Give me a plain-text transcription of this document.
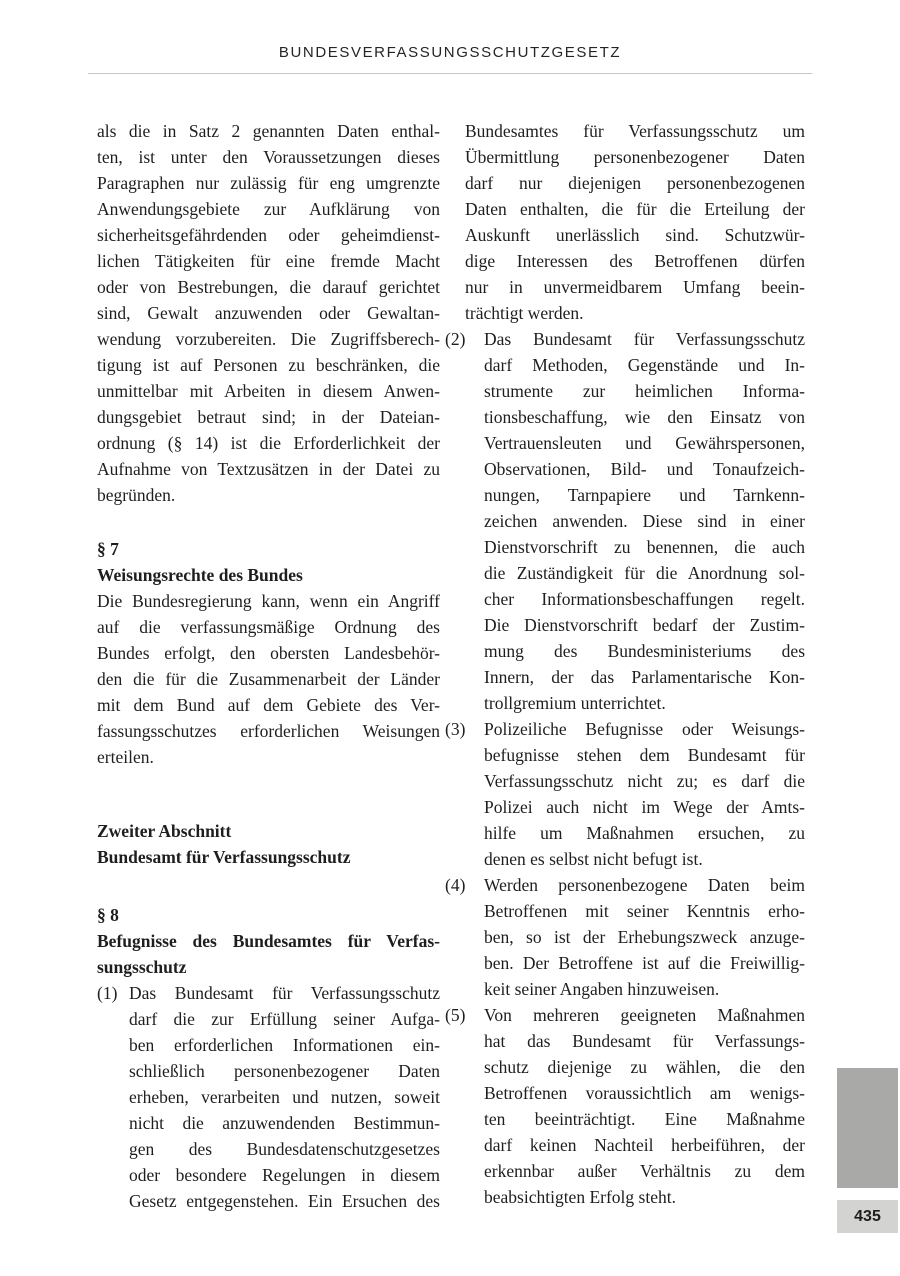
BUNDESVERFASSUNGSSCHUTZGESETZ
als die in Satz 2 genannten Daten enthal-
ten, ist unter den Voraussetzungen dieses
Paragraphen nur zulässig für eng umgrenzte
Anwendungsgebiete zur Aufklärung von
sicherheitsgefährdenden oder geheimdienst-
lichen Tätigkeiten für eine fremde Macht
oder von Bestrebungen, die darauf gerichtet
sind, Gewalt anzuwenden oder Gewaltan-
wendung vorzubereiten. Die Zugriffsberech-
tigung ist auf Personen zu beschränken, die
unmittelbar mit Arbeiten in diesem Anwen-
dungsgebiet betraut sind; in der Dateian-
ordnung (§ 14) ist die Erforderlichkeit der
Aufnahme von Textzusätzen in der Datei zu
begründen.
§ 7
Weisungsrechte des Bundes
Die Bundesregierung kann, wenn ein Angriff
auf die verfassungsmäßige Ordnung des
Bundes erfolgt, den obersten Landesbehör-
den die für die Zusammenarbeit der Länder
mit dem Bund auf dem Gebiete des Ver-
fassungsschutzes erforderlichen Weisungen
erteilen.
Zweiter Abschnitt
Bundesamt für Verfassungsschutz
§ 8
Befugnisse des Bundesamtes für Verfas-
sungsschutz
(1) Das Bundesamt für Verfassungsschutz
darf die zur Erfüllung seiner Aufga-
ben erforderlichen Informationen ein-
schließlich personenbezogener Daten
erheben, verarbeiten und nutzen, soweit
nicht die anzuwendenden Bestimmun-
gen des Bundesdatenschutzgesetzes
oder besondere Regelungen in diesem
Gesetz entgegenstehen. Ein Ersuchen des
Bundesamtes für Verfassungsschutz um
Übermittlung personenbezogener Daten
darf nur diejenigen personenbezogenen
Daten enthalten, die für die Erteilung der
Auskunft unerlässlich sind. Schutzwür-
dige Interessen des Betroffenen dürfen
nur in unvermeidbarem Umfang beein-
trächtigt werden.
(2) Das Bundesamt für Verfassungsschutz
darf Methoden, Gegenstände und In-
strumente zur heimlichen Informa-
tionsbeschaffung, wie den Einsatz von
Vertrauensleuten und Gewährspersonen,
Observationen, Bild- und Tonaufzeich-
nungen, Tarnpapiere und Tarnkenn-
zeichen anwenden. Diese sind in einer
Dienstvorschrift zu benennen, die auch
die Zuständigkeit für die Anordnung sol-
cher Informationsbeschaffungen regelt.
Die Dienstvorschrift bedarf der Zustim-
mung des Bundesministeriums des
Innern, der das Parlamentarische Kon-
trollgremium unterrichtet.
(3) Polizeiliche Befugnisse oder Weisungs-
befugnisse stehen dem Bundesamt für
Verfassungsschutz nicht zu; es darf die
Polizei auch nicht im Wege der Amts-
hilfe um Maßnahmen ersuchen, zu
denen es selbst nicht befugt ist.
(4) Werden personenbezogene Daten beim
Betroffenen mit seiner Kenntnis erho-
ben, so ist der Erhebungszweck anzuge-
ben. Der Betroffene ist auf die Freiwillig-
keit seiner Angaben hinzuweisen.
(5) Von mehreren geeigneten Maßnahmen
hat das Bundesamt für Verfassungs-
schutz diejenige zu wählen, die den
Betroffenen voraussichtlich am wenigs-
ten beeinträchtigt. Eine Maßnahme
darf keinen Nachteil herbeiführen, der
erkennbar außer Verhältnis zu dem
beabsichtigten Erfolg steht.
435
